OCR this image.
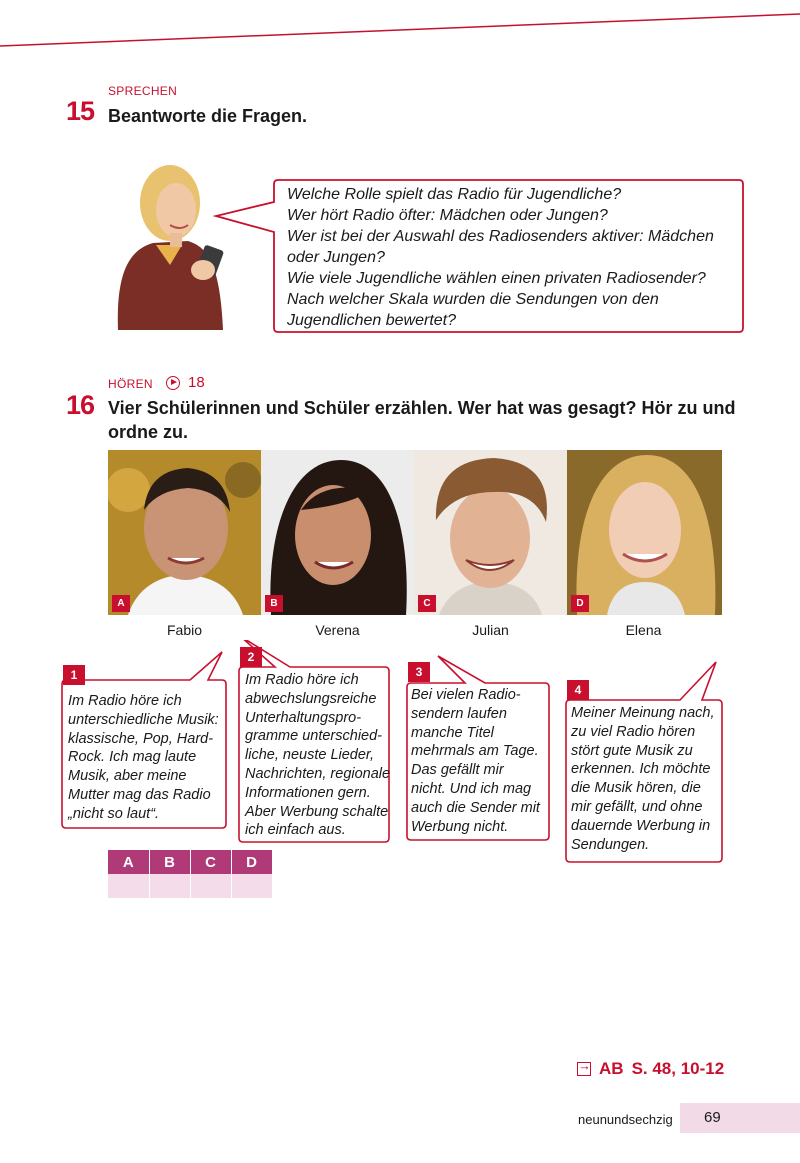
SPRECHEN
15 Beantworte die Fragen.
Welche Rolle spielt das Radio für Jugendliche?
Wer hört Radio öfter: Mädchen oder Jungen?
Wer ist bei der Auswahl des Radiosenders aktiver: Mädchen
oder Jungen?
Wie viele Jugendliche wählen einen privaten Radiosender?
Nach welcher Skala wurden die Sendungen von den
Jugendlichen bewertet?
HÖREN 18
16 Vier Schülerinnen und Schüler erzählen. Wer hat was gesagt? Hör zu und
ordne zu.
A	B	C	D
Fabio	Verena	Julian	Elena
1
2
3
4
Im Radio höre ich
unterschiedliche Musik:
klassische, Pop, Hard-
Rock. Ich mag laute
Musik, aber meine
Mutter mag das Radio
„nicht so laut“.
Im Radio höre ich
abwechslungsreiche
Unterhaltungspro-
gramme unterschied-
liche, neuste Lieder,
Nachrichten, regionale
Informationen gern.
Aber Werbung schalte
ich einfach aus.
Bei vielen Radio-
sendern laufen
manche Titel
mehrmals am Tage.
Das gefällt mir
nicht. Und ich mag
auch die Sender mit
Werbung nicht.
Meiner Meinung nach,
zu viel Radio hören
stört gute Musik zu
erkennen. Ich möchte
die Musik hören, die
mir gefällt, und ohne
dauernde Werbung in
Sendungen.
A	B	C	D

→
AB S. 48, 10-12
neunundsechzig	69
